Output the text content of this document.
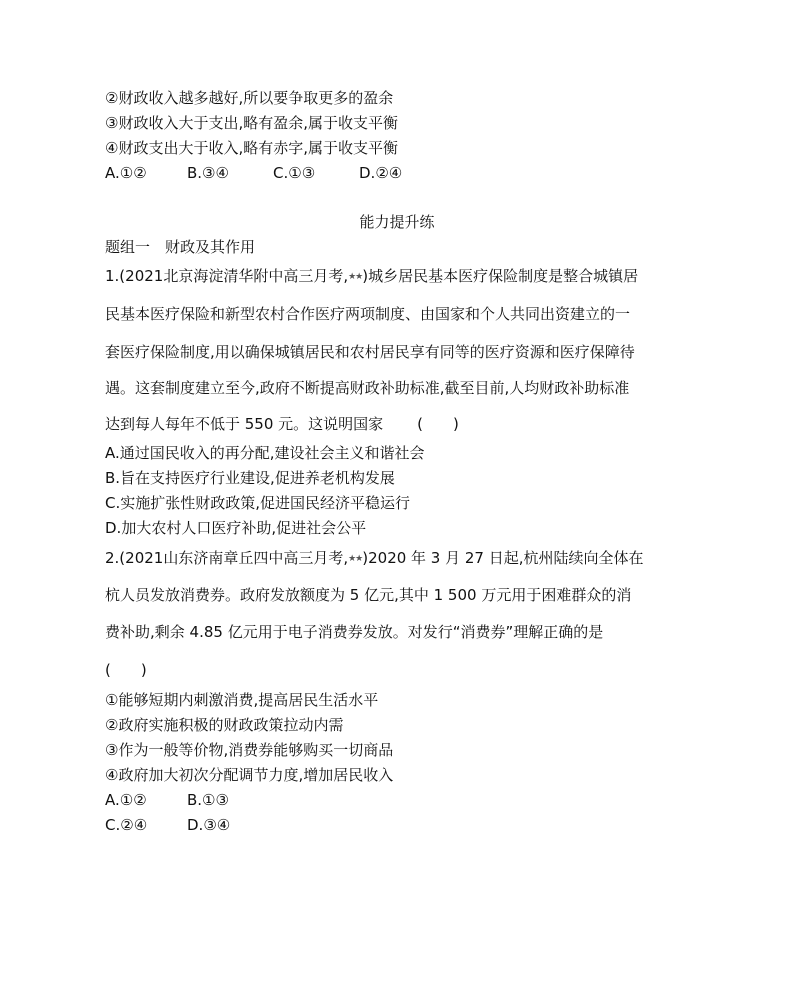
②财政收入越多越好,所以要争取更多的盈余

③财政收入大于支出,略有盈余,属于收支平衡

④财政支出大于收入,略有赤字,属于收支平衡

A.①②	B.③④	C.①③	D.②④

能力提升练

题组一　财政及其作用

1.(2021北京海淀清华附中高三月考,★★)城乡居民基本医疗保险制度是整合城镇居

民基本医疗保险和新型农村合作医疗两项制度、由国家和个人共同出资建立的一

套医疗保险制度,用以确保城镇居民和农村居民享有同等的医疗资源和医疗保障待

遇。这套制度建立至今,政府不断提高财政补助标准,截至目前,人均财政补助标准

达到每人每年不低于 550 元。这说明国家 (　　)

A.通过国民收入的再分配,建设社会主义和谐社会

B.旨在支持医疗行业建设,促进养老机构发展

C.实施扩张性财政政策,促进国民经济平稳运行

D.加大农村人口医疗补助,促进社会公平

2.(2021山东济南章丘四中高三月考,★★)2020 年 3 月 27 日起,杭州陆续向全体在

杭人员发放消费券。政府发放额度为 5 亿元,其中 1 500 万元用于困难群众的消

费补助,剩余 4.85 亿元用于电子消费券发放。对发行“消费券”理解正确的是

(　　)

①能够短期内刺激消费,提高居民生活水平

②政府实施积极的财政政策拉动内需

③作为一般等价物,消费券能够购买一切商品

④政府加大初次分配调节力度,增加居民收入

A.①②	B.①③

C.②④	D.③④
